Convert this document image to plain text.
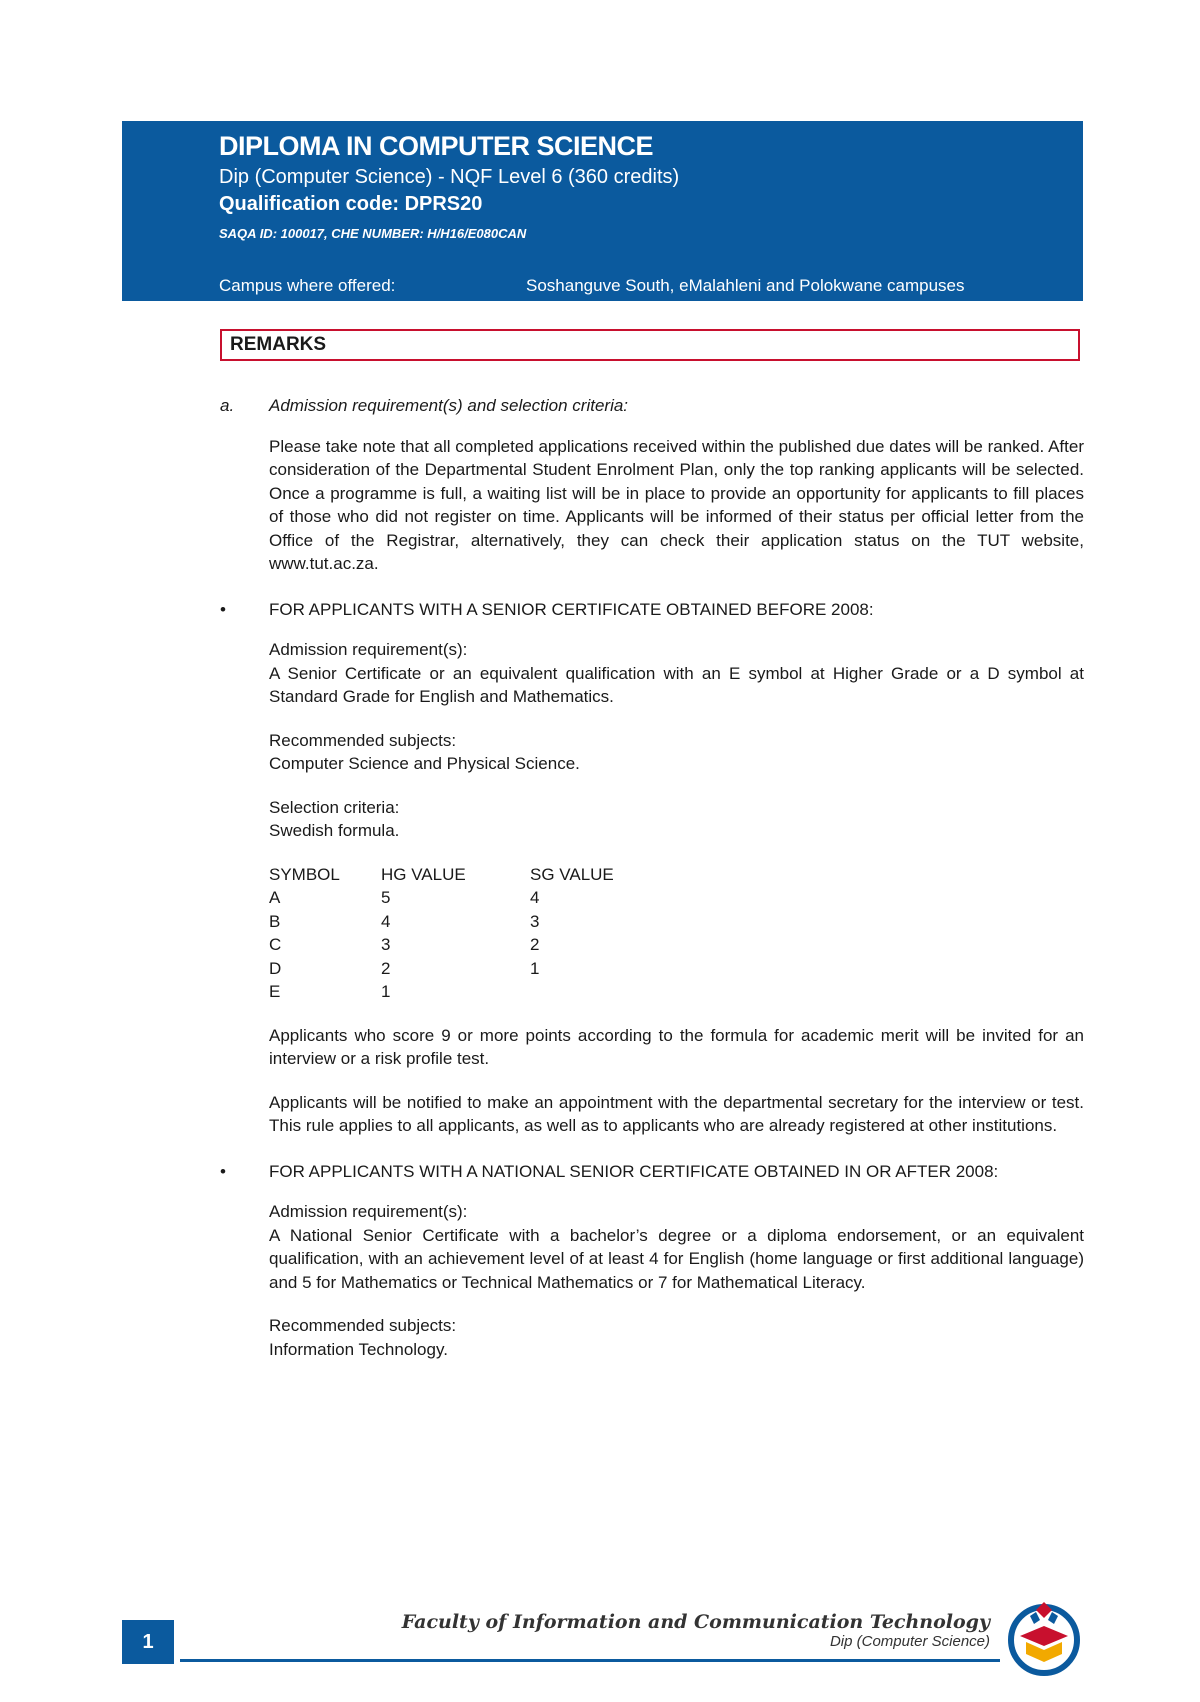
DIPLOMA IN COMPUTER SCIENCE
Dip (Computer Science) - NQF Level 6 (360 credits)
Qualification code: DPRS20
SAQA ID: 100017, CHE NUMBER: H/H16/E080CAN
Campus where offered:	Soshanguve South, eMalahleni and Polokwane campuses
REMARKS
a. Admission requirement(s) and selection criteria:

Please take note that all completed applications received within the published due dates will be ranked. After consideration of the Departmental Student Enrolment Plan, only the top ranking applicants will be selected. Once a programme is full, a waiting list will be in place to provide an opportunity for applicants to fill places of those who did not register on time. Applicants will be informed of their status per official letter from the Office of the Registrar, alternatively, they can check their application status on the TUT website, www.tut.ac.za.

•	FOR APPLICANTS WITH A SENIOR CERTIFICATE OBTAINED BEFORE 2008:

Admission requirement(s):

A Senior Certificate or an equivalent qualification with an E symbol at Higher Grade or a D symbol at Standard Grade for English and Mathematics.

Recommended subjects:

Computer Science and Physical Science.

Selection criteria:

Swedish formula.

SYMBOL	HG VALUE	SG VALUE
A	5	4
B	4	3
C	3	2
D	2	1
E	1	

Applicants who score 9 or more points according to the formula for academic merit will be invited for an interview or a risk profile test.

Applicants will be notified to make an appointment with the departmental secretary for the interview or test. This rule applies to all applicants, as well as to applicants who are already registered at other institutions.

•	FOR APPLICANTS WITH A NATIONAL SENIOR CERTIFICATE OBTAINED IN OR AFTER 2008:

Admission requirement(s):

A National Senior Certificate with a bachelor’s degree or a diploma endorsement, or an equivalent qualification, with an achievement level of at least 4 for English (home language or first additional language) and 5 for Mathematics or Technical Mathematics or 7 for Mathematical Literacy.

Recommended subjects:

Information Technology.

1
Faculty of Information and Communication Technology
Dip (Computer Science)
